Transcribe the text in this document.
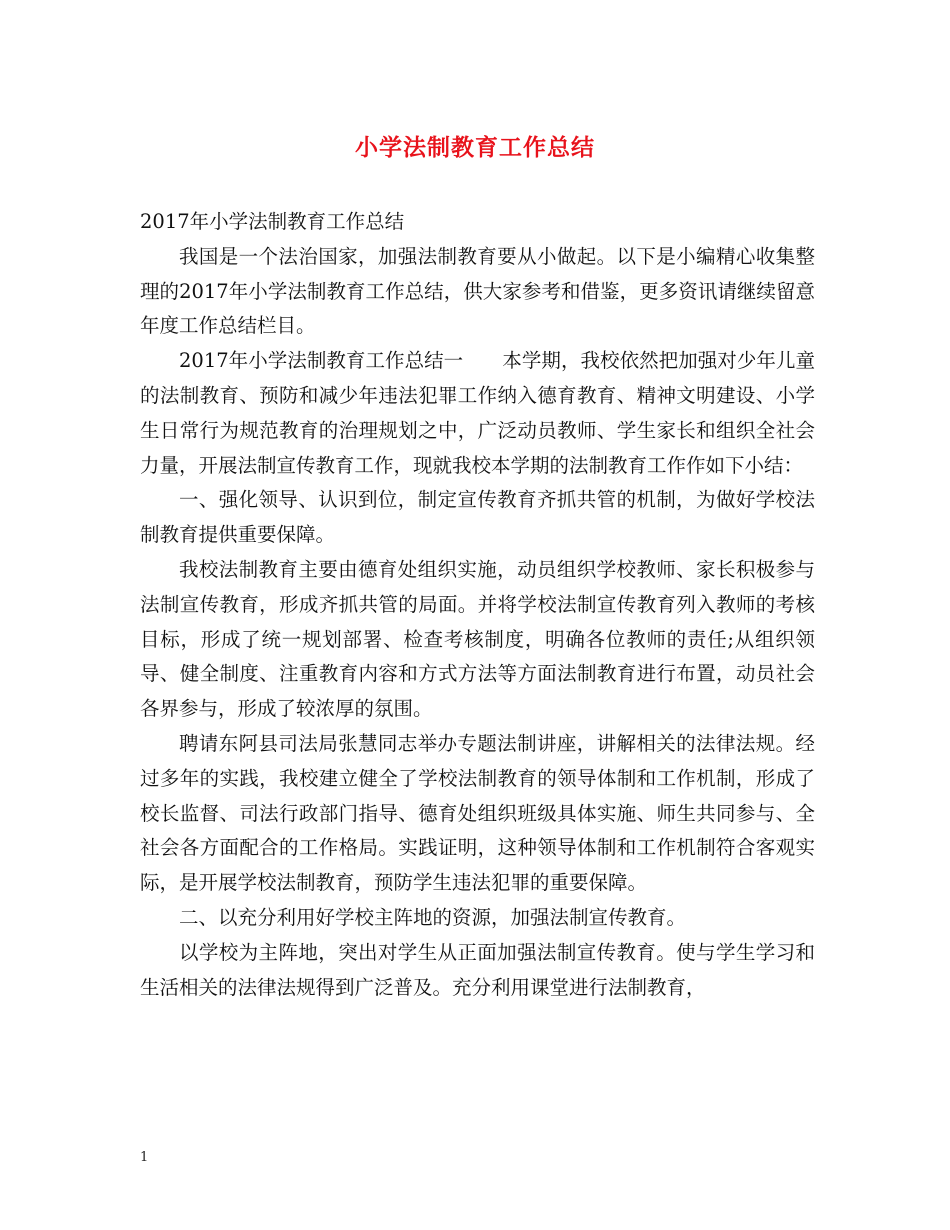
小学法制教育工作总结

2017年小学法制教育工作总结

我国是一个法治国家，加强法制教育要从小做起。以下是小编精心收集整理的2017年小学法制教育工作总结，供大家参考和借鉴，更多资讯请继续留意年度工作总结栏目。

2017年小学法制教育工作总结一　　本学期，我校依然把加强对少年儿童的法制教育、预防和减少年违法犯罪工作纳入德育教育、精神文明建设、小学生日常行为规范教育的治理规划之中，广泛动员教师、学生家长和组织全社会力量，开展法制宣传教育工作，现就我校本学期的法制教育工作作如下小结：

一、强化领导、认识到位，制定宣传教育齐抓共管的机制，为做好学校法制教育提供重要保障。

我校法制教育主要由德育处组织实施，动员组织学校教师、家长积极参与法制宣传教育，形成齐抓共管的局面。并将学校法制宣传教育列入教师的考核目标，形成了统一规划部署、检查考核制度，明确各位教师的责任;从组织领导、健全制度、注重教育内容和方式方法等方面法制教育进行布置，动员社会各界参与，形成了较浓厚的氛围。

聘请东阿县司法局张慧同志举办专题法制讲座，讲解相关的法律法规。经过多年的实践，我校建立健全了学校法制教育的领导体制和工作机制，形成了校长监督、司法行政部门指导、德育处组织班级具体实施、师生共同参与、全社会各方面配合的工作格局。实践证明，这种领导体制和工作机制符合客观实际，是开展学校法制教育，预防学生违法犯罪的重要保障。

二、以充分利用好学校主阵地的资源，加强法制宣传教育。

以学校为主阵地，突出对学生从正面加强法制宣传教育。使与学生学习和生活相关的法律法规得到广泛普及。充分利用课堂进行法制教育，

1
